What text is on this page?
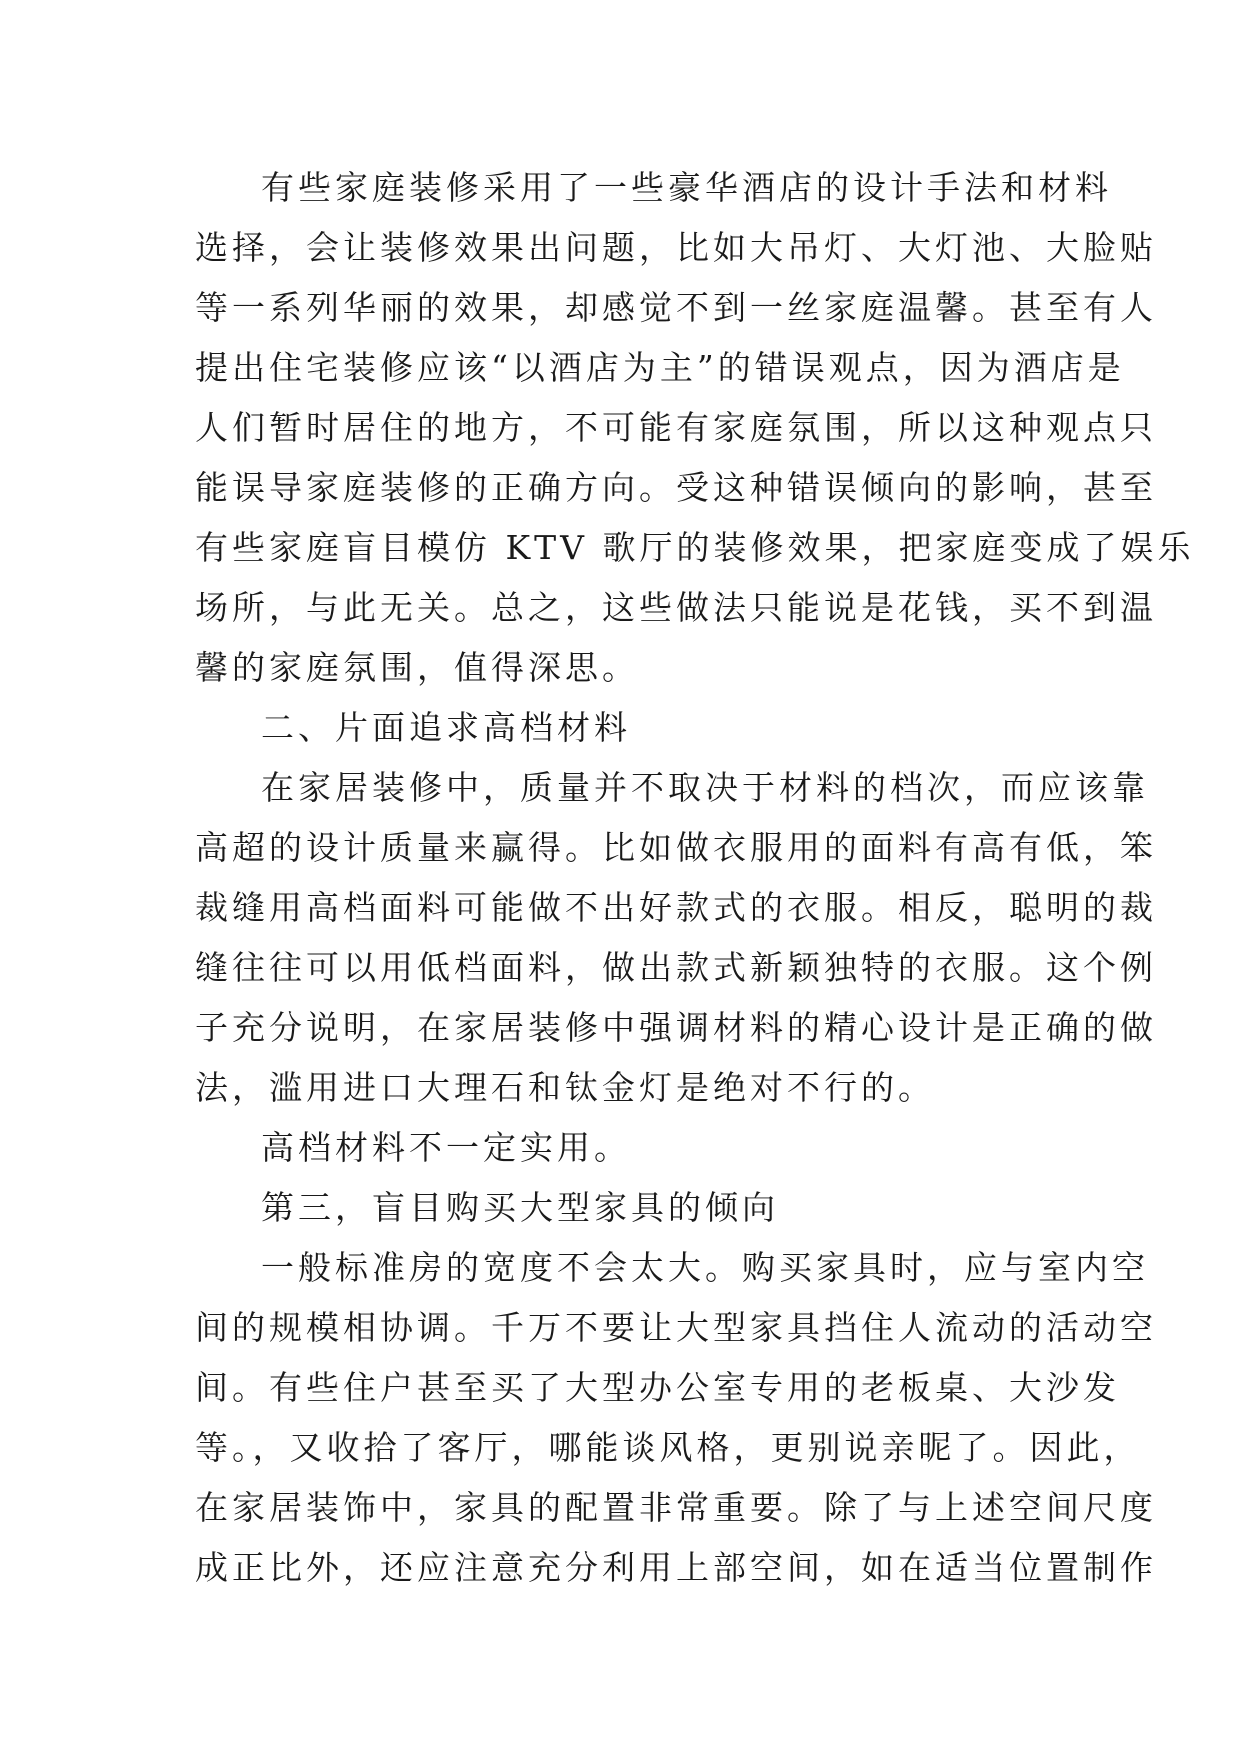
有些家庭装修采用了一些豪华酒店的设计手法和材料
选择，会让装修效果出问题，比如大吊灯、大灯池、大脸贴
等一系列华丽的效果，却感觉不到一丝家庭温馨。甚至有人
提出住宅装修应该“以酒店为主”的错误观点，因为酒店是
人们暂时居住的地方，不可能有家庭氛围，所以这种观点只
能误导家庭装修的正确方向。受这种错误倾向的影响，甚至
有些家庭盲目模仿 KTV 歌厅的装修效果，把家庭变成了娱乐
场所，与此无关。总之，这些做法只能说是花钱，买不到温
馨的家庭氛围，值得深思。
二、片面追求高档材料
在家居装修中，质量并不取决于材料的档次，而应该靠
高超的设计质量来赢得。比如做衣服用的面料有高有低，笨
裁缝用高档面料可能做不出好款式的衣服。相反，聪明的裁
缝往往可以用低档面料，做出款式新颖独特的衣服。这个例
子充分说明，在家居装修中强调材料的精心设计是正确的做
法，滥用进口大理石和钛金灯是绝对不行的。
高档材料不一定实用。
第三，盲目购买大型家具的倾向
一般标准房的宽度不会太大。购买家具时，应与室内空
间的规模相协调。千万不要让大型家具挡住人流动的活动空
间。有些住户甚至买了大型办公室专用的老板桌、大沙发
等。，又收拾了客厅，哪能谈风格，更别说亲昵了。因此，
在家居装饰中，家具的配置非常重要。除了与上述空间尺度
成正比外，还应注意充分利用上部空间，如在适当位置制作
